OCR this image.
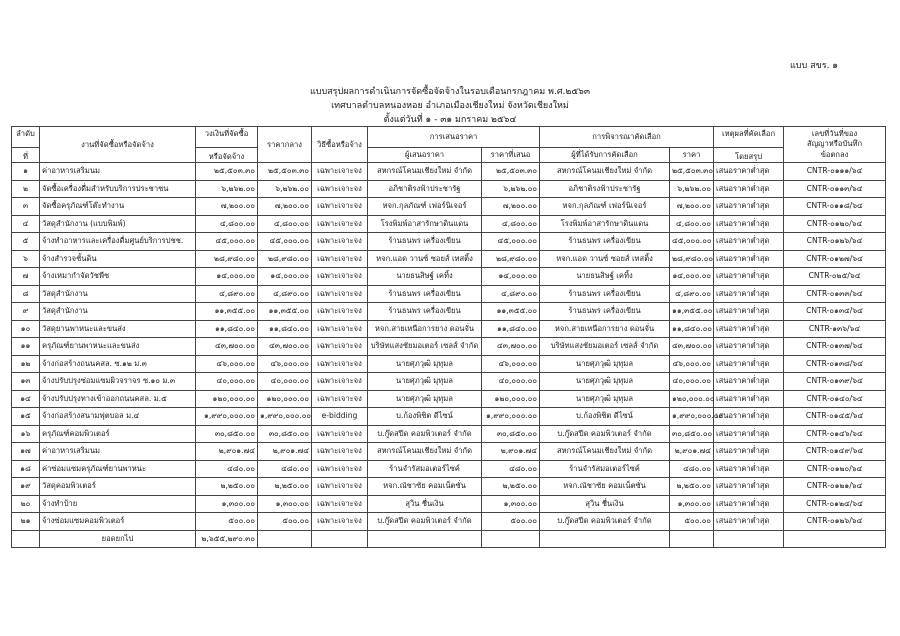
แบบ สขร. ๑
แบบสรุปผลการดำเนินการจัดซื้อจัดจ้างในรอบเดือนกรกฎาคม พ.ศ.๒๕๖๓
เทศบาลตำบลหนองหอย อำเภอเมืองเชียงใหม่ จังหวัดเชียงใหม่
ตั้งแต่วันที่ ๑ - ๓๑ มกราคม ๒๕๖๔
ลำดับ	งานที่จัดซื้อหรือจัดจ้าง	วงเงินที่จัดซื้อ	ราคากลาง	วิธีซื้อหรือจ้าง	การเสนอราคา		การพิจารณาคัดเลือก		เหตุผลที่คัดเลือก	เลขที่วันที่ของ
สัญญาหรือบันทึก
ข้อตกลง

ที่		หรือจัดจ้าง			ผู้เสนอราคา	ราคาที่เสนอ	ผู้ที่ได้รับการคัดเลือก	ราคา	โดยสรุป	
๑	ค่าอาหารเสริมนม	๒๕,๕๐๓.๓๐	๒๕,๕๐๓.๓๐	เฉพาะเจาะจง	สหกรณ์โคนมเชียงใหม่ จำกัด	๒๕,๕๐๓.๓๐	สหกรณ์โคนมเชียงใหม่ จำกัด	๒๕,๕๐๓.๓๐	เสนอราคาต่ำสุด	CNTR-๐๑๑๑/๖๔
๒	จัดซื้อเครื่องดื่มสำหรับบริการประชาชน	๖,๒๖๒.๐๐	๖,๒๖๒.๐๐	เฉพาะเจาะจง	อภิชาติรงฟ้าประชารัฐ	๖,๒๖๒.๐๐	อภิชาติรงฟ้าประชารัฐ	๖,๒๖๒.๐๐	เสนอราคาต่ำสุด	CNTR-๐๑๑๓/๖๔
๓	จัดซื้อครุภัณฑ์โต๊ะทำงาน	๗,๒๐๐.๐๐	๗,๒๐๐.๐๐	เฉพาะเจาะจง	หจก.กุลภัณฑ์ เฟอร์นิเจอร์	๗,๒๐๐.๐๐	หจก.กุลภัณฑ์ เฟอร์นิเจอร์	๗,๒๐๐.๐๐	เสนอราคาต่ำสุด	CNTR-๐๑๑๘/๖๔
๔	วัสดุสำนักงาน (แบบพิมพ์)	๔,๘๐๐.๐๐	๔,๘๐๐.๐๐	เฉพาะเจาะจง	โรงพิมพ์อาสารักษาดินแดน	๔,๘๐๐.๐๐	โรงพิมพ์อาสารักษาดินแดน	๔,๘๐๐.๐๐	เสนอราคาต่ำสุด	CNTR-๐๑๒๐/๖๔
๕	จ้างทำอาหารและเครื่องดื่มศูนย์บริการปชช.	๔๕,๐๐๐.๐๐	๔๕,๐๐๐.๐๐	เฉพาะเจาะจง	ร้านธนพร เครื่องเขียน	๔๕,๐๐๐.๐๐	ร้านธนพร เครื่องเขียน	๔๕,๐๐๐.๐๐	เสนอราคาต่ำสุด	CNTR-๐๑๒๖/๖๔
๖	จ้างสำรวจชั้นดิน	๒๘,๙๘๐.๐๐	๒๘,๙๘๐.๐๐	เฉพาะเจาะจง	หจก.แอด วานซ์ ซอยส์ เทสติ้ง	๒๘,๙๘๐.๐๐	หจก.แอด วานซ์ ซอยส์ เทสติ้ง	๒๘,๙๘๐.๐๐	เสนอราคาต่ำสุด	CNTR-๐๑๒๗/๖๔
๗	จ้างเหมากำจัดวัชพืช	๑๔,๐๐๐.๐๐	๑๔,๐๐๐.๐๐	เฉพาะเจาะจง	นายธนสิษฐ์ เคทิ้ง	๑๔,๐๐๐.๐๐	นายธนสิษฐ์ เคทิ้ง	๑๔,๐๐๐.๐๐	เสนอราคาต่ำสุด	CNTR-๐๒๕/๖๔
๘	วัสดุสำนักงาน	๔,๘๙๐.๐๐	๔,๘๙๐.๐๐	เฉพาะเจาะจง	ร้านธนพร เครื่องเขียน	๔,๘๙๐.๐๐	ร้านธนพร เครื่องเขียน	๔,๘๙๐.๐๐	เสนอราคาต่ำสุด	CNTR-๐๑๓๓/๖๔
๙	วัสดุสำนักงาน	๑๑,๓๕๕.๐๐	๑๑,๓๕๕.๐๐	เฉพาะเจาะจง	ร้านธนพร เครื่องเขียน	๑๑,๓๕๕.๐๐	ร้านธนพร เครื่องเขียน	๑๑,๓๕๕.๐๐	เสนอราคาต่ำสุด	CNTR-๐๑๓๔/๖๔
๑๐	วัสดุยานพาหนะและขนส่ง	๑๑,๘๔๐.๐๐	๑๑,๘๔๐.๐๐	เฉพาะเจาะจง	หจก.สายเหนือการยาง ดอนจั่น	๑๑,๘๔๐.๐๐	หจก.สายเหนือการยาง ดอนจั่น	๑๑,๘๔๐.๐๐	เสนอราคาต่ำสุด	CNTR-๑๓๖/๖๔
๑๑	ครุภัณฑ์ยานพาหนะและขนส่ง	๔๓,๗๐๐.๐๐	๔๓,๗๐๐.๐๐	เฉพาะเจาะจง	บริษัทแสงชัยมอเตอร์ เซลส์ จำกัด	๔๓,๗๐๐.๐๐	บริษัทแสงชัยมอเตอร์ เซลส์ จำกัด	๔๓,๗๐๐.๐๐	เสนอราคาต่ำสุด	CNTR-๐๑๓๗/๖๔
๑๒	จ้างก่อสร้างถนนคสล. ซ.๑๒ ม.๓	๔๖,๐๐๐.๐๐	๔๖,๐๐๐.๐๐	เฉพาะเจาะจง	นายศุภวุฒิ มุทุมล	๔๖,๐๐๐.๐๐	นายศุภวุฒิ มุทุมล	๔๖,๐๐๐.๐๐	เสนอราคาต่ำสุด	CNTR-๐๑๓๘/๖๔
๑๓	จ้างปรับปรุงซ่อมแซมผิวจราจร ซ.๑๐ ม.๓	๔๐,๐๐๐.๐๐	๔๐,๐๐๐.๐๐	เฉพาะเจาะจง	นายศุภวุฒิ มุทุมล	๔๐,๐๐๐.๐๐	นายศุภวุฒิ มุทุมล	๔๐,๐๐๐.๐๐	เสนอราคาต่ำสุด	CNTR-๐๑๓๙/๖๔
๑๔	จ้างปรับปรุงทางเข้าออกถนนคสล. ม.๕	๑๒๐,๐๐๐.๐๐	๑๒๐,๐๐๐.๐๐	เฉพาะเจาะจง	นายศุภวุฒิ มุทุมล	๑๒๐,๐๐๐.๐๐	นายศุภวุฒิ มุทุมล	๑๒๐,๐๐๐.๐๐	เสนอราคาต่ำสุด	CNTR-๐๑๔๐/๖๔
๑๕	จ้างก่อสร้างสนามฟุตบอล ม.๔	๑,๙๙๐,๐๐๐.๐๐	๑,๙๙๐,๐๐๐.๐๐	e-bidding	บ.ก้องพิชิต ดีไซน์	๑,๙๙๐,๐๐๐.๐๐	บ.ก้องพิชิต ดีไซน์	๑,๙๙๐,๐๐๐.๐๐	เสนอราคาต่ำสุด	CNTR-๐๑๔๕/๖๔
๑๖	ครุภัณฑ์คอมพิวเตอร์	๓๐,๘๕๐.๐๐	๓๐,๘๕๐.๐๐	เฉพาะเจาะจง	บ.กู๊ดสปีด คอมพิวเตอร์ จำกัด	๓๐,๘๕๐.๐๐	บ.กู๊ดสปีด คอมพิวเตอร์ จำกัด	๓๐,๘๕๐.๐๐	เสนอราคาต่ำสุด	CNTR-๐๑๔๖/๖๔
๑๗	ค่าอาหารเสริมนม	๒,๙๐๑.๗๔	๒,๙๐๑.๗๔	เฉพาะเจาะจง	สหกรณ์โคนมเชียงใหม่ จำกัด	๒,๙๐๑.๗๔	สหกรณ์โคนมเชียงใหม่ จำกัด	๒,๙๐๑.๗๔	เสนอราคาต่ำสุด	CNTR-๐๑๔๙/๖๔
๑๘	ค่าซ่อมแซมครุภัณฑ์ยานพาหนะ	๔๘๐.๐๐	๔๘๐.๐๐	เฉพาะเจาะจง	ร้านจำรัสมอเตอร์ไซค์	๔๘๐.๐๐	ร้านจำรัสมอเตอร์ไซค์	๔๘๐.๐๐	เสนอราคาต่ำสุด	CNTR-๐๑๒๐/๖๔
๑๙	วัสดุคอมพิวเตอร์	๒,๒๕๐.๐๐	๒,๒๕๐.๐๐	เฉพาะเจาะจง	หจก.ณัชาซัย คอมเน็ตซั่น	๒,๒๕๐.๐๐	หจก.ณัชาซัย คอมเน็ตซั่น	๒,๒๕๐.๐๐	เสนอราคาต่ำสุด	CNTR-๐๑๒๑/๖๔
๒๐	จ้างทำป้าย	๑,๓๐๐.๐๐	๑,๓๐๐.๐๐	เฉพาะเจาะจง	สุวิน ชื่นเงิน	๑,๓๐๐.๐๐	สุวิน ชื่นเงิน	๑,๓๐๐.๐๐	เสนอราคาต่ำสุด	CNTR-๐๑๒๔/๖๔
๒๑	จ้างซ่อมแซมคอมพิวเตอร์	๕๐๐.๐๐	๕๐๐.๐๐	เฉพาะเจาะจง	บ.กู๊ดสปีด คอมพิวเตอร์ จำกัด	๕๐๐.๐๐	บ.กู๊ดสปีด คอมพิวเตอร์ จำกัด	๕๐๐.๐๐	เสนอราคาต่ำสุด	CNTR-๐๑๒๖/๖๔
	ยอดยกไป	๒,๖๕๕,๒๙๐.๓๐								
